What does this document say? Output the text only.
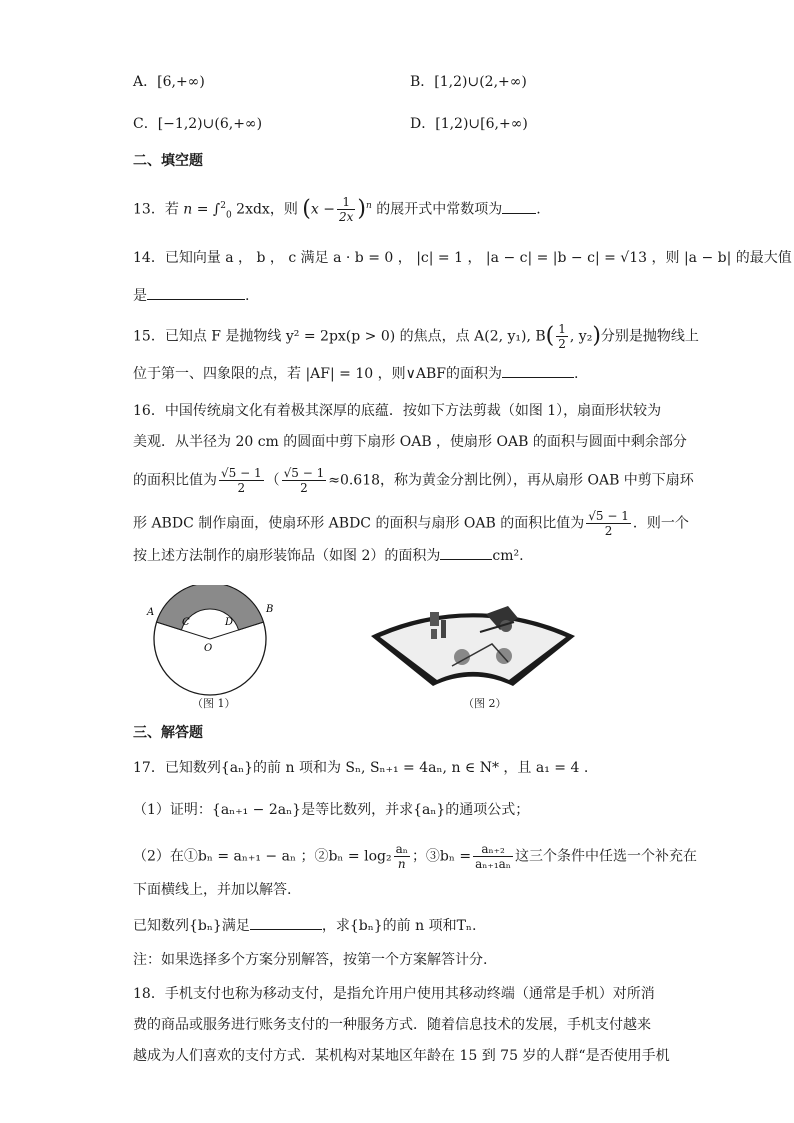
A．[6,+∞)	B．[1,2)∪(2,+∞)
C．[−1,2)∪(6,+∞)	D．[1,2)∪[6,+∞)
二、填空题
13．若 n = ∫$^2_0$ 2xdx，则 $(x - \frac{1}{2x} )^n$ 的展开式中常数项为 .
14．已知向量 a ， b ， c 满足 a · b = 0 ， |c| = 1 ， |a − c| = |b − c| = √13 ，则 |a − b| 的最大值
是	.
15．已知点 F 是抛物线 y² = 2px(p > 0) 的焦点，点 A(2, y₁), $B( \frac{1}{2}$ , y₂)分别是抛物线上
位于第一、四象限的点，若 |AF| = 10 ，则∨ABF的面积为	.
16．中国传统扇文化有着极其深厚的底蕴．按如下方法剪裁（如图 1），扇面形状较为
美观．从半径为 20 cm 的圆面中剪下扇形 OAB ，使扇形 OAB 的面积与圆面中剩余部分
的面积比值为 $\frac{√5 - 1}{2}$ （ $\frac{√5 - 1}{2} \approx 0.618$，称为黄金分割比例），再从扇形 OAB 中剪下扇环
形 ABDC 制作扇面，使扇环形 ABDC 的面积与扇形 OAB 的面积比值为 $\frac{√5 - 1}{2}$ ．则一个
按上述方法制作的扇形装饰品（如图 2）的面积为	cm².
A	B
C	D
O
（图 1）	（图 2）
三、解答题
17．已知数列{aₙ}的前 n 项和为 Sₙ, Sₙ₊₁ = 4aₙ, n ∈ N* ，且 a₁ = 4 .
（1）证明：{aₙ₊₁ − 2aₙ}是等比数列，并求{aₙ}的通项公式；
（2）在①bₙ = aₙ₊₁ − aₙ ；②bₙ = $\log_2 \frac{\text{aₙ}}{n}$ ；③bₙ = $\frac{\text{aₙ₊₂}}{\text{aₙ₊₁aₙ}}$ 这三个条件中任选一个补充在
下面横线上，并加以解答.
已知数列{bₙ}满足	，求{bₙ}的前 n 项和Tₙ.
注：如果选择多个方案分别解答，按第一个方案解答计分.
18．手机支付也称为移动支付，是指允许用户使用其移动终端（通常是手机）对所消
费的商品或服务进行账务支付的一种服务方式．随着信息技术的发展，手机支付越来
越成为人们喜欢的支付方式．某机构对某地区年龄在 15 到 75 岁的人群“是否使用手机
